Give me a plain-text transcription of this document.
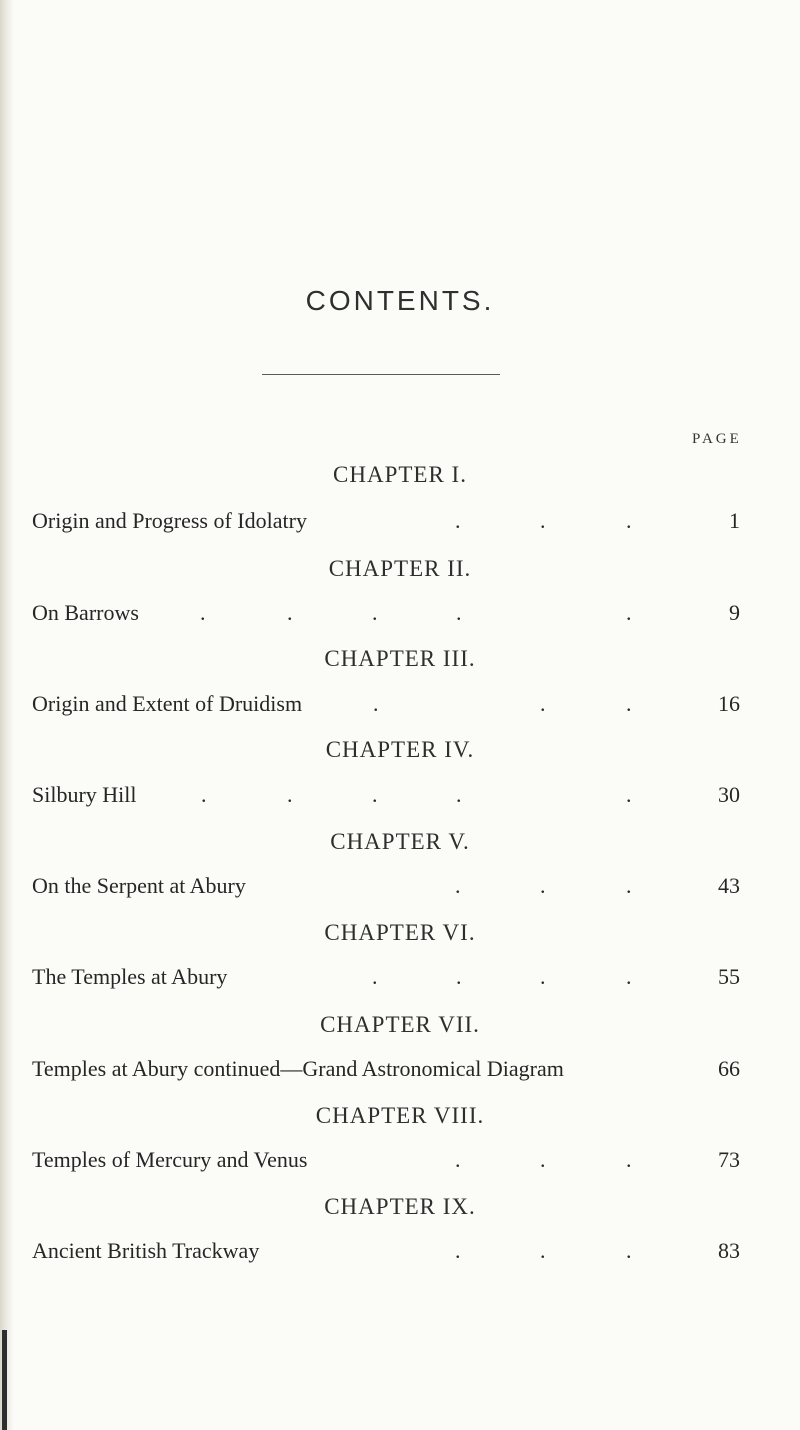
CONTENTS.
PAGE
CHAPTER I.
Origin and Progress of Idolatry	.	.	.	1
CHAPTER II.
On Barrows	.	.	.	.	.	9
CHAPTER III.
Origin and Extent of Druidism	.	.	.	16
CHAPTER IV.
Silbury Hill	.	.	.	.	.	30
CHAPTER V.
On the Serpent at Abury	.	.	.	43
CHAPTER VI.
The Temples at Abury	.	.	.	.	55
CHAPTER VII.
Temples at Abury continued—Grand Astronomical Diagram	66
CHAPTER VIII.
Temples of Mercury and Venus	.	.	.	73
CHAPTER IX.
Ancient British Trackway	.	.	.	83
